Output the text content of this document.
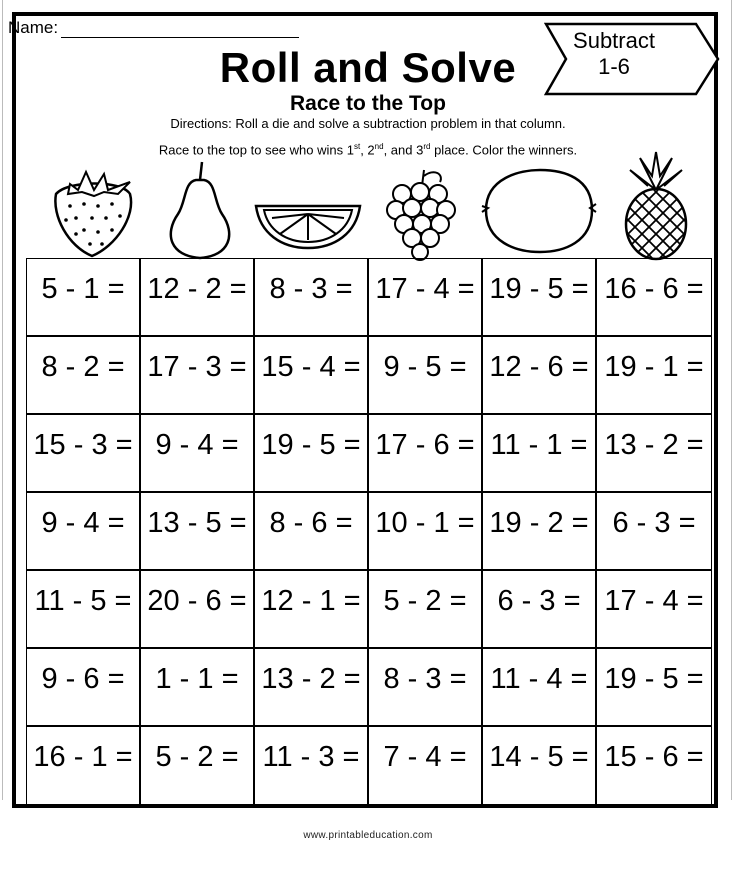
Name:
Roll and Solve
Race to the Top
Directions: Roll a die and solve a subtraction problem in that column.
Race to the top to see who wins 1st, 2nd, and 3rd place. Color the winners.
Subtract
1-6
5 - 1 = 12 - 2 = 8 - 3 = 17 - 4 = 19 - 5 = 16 - 6 =
8 - 2 = 17 - 3 = 15 - 4 = 9 - 5 = 12 - 6 = 19 - 1 =
15 - 3 = 9 - 4 = 19 - 5 = 17 - 6 = 11 - 1 = 13 - 2 =
9 - 4 = 13 - 5 = 8 - 6 = 10 - 1 = 19 - 2 = 6 - 3 =
11 - 5 = 20 - 6 = 12 - 1 = 5 - 2 =	6 - 3 = 17 - 4 =
9 - 6 =	1 - 1 = 13 - 2 = 8 - 3 = 11 - 4 = 19 - 5 =
16 - 1 = 5 - 2 = 11 - 3 = 7 - 4 = 14 - 5 = 15 - 6 =
www.printableducation.com
